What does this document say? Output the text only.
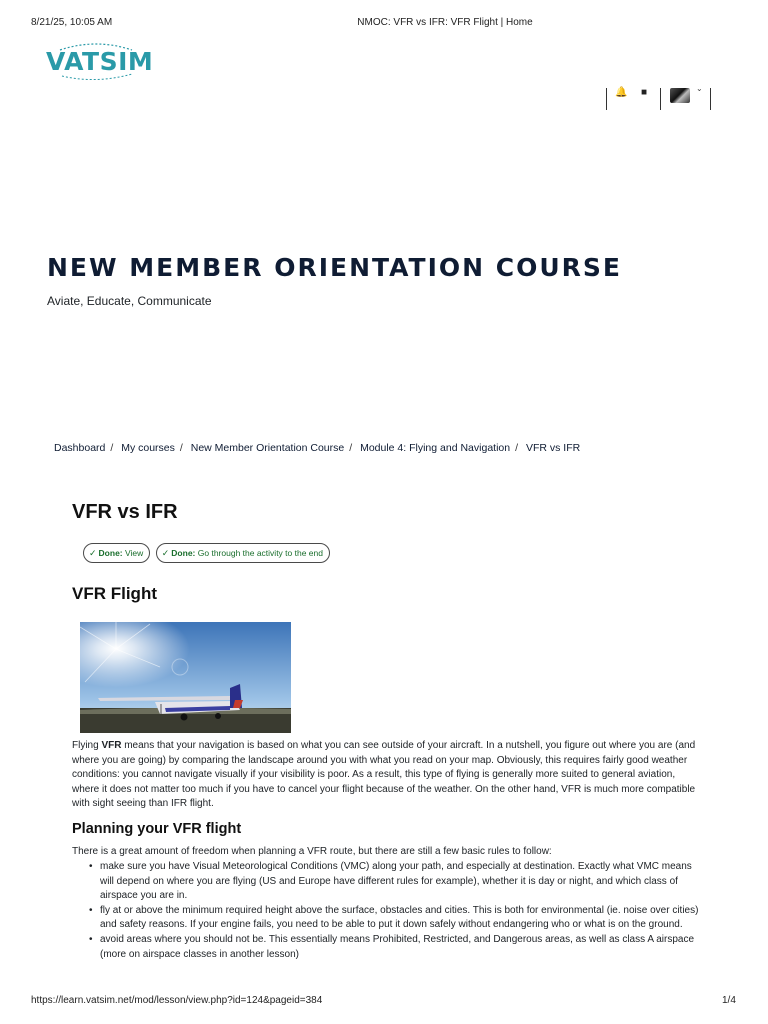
8/21/25, 10:05 AM	NMOC: VFR vs IFR: VFR Flight | Home
VATSIM
🔔 ■	⌄
NEW MEMBER ORIENTATION COURSE
Aviate, Educate, Communicate
Dashboard / My courses / New Member Orientation Course / Module 4: Flying and Navigation / VFR vs IFR
VFR vs IFR
✓ Done: View ✓ Done: Go through the activity to the end
VFR Flight

Flying VFR means that your navigation is based on what you can see outside of your aircraft. In a nutshell, you figure out where you are (and where you are going) by comparing the landscape around you with what you read on your map. Obviously, this requires fairly good weather conditions: you cannot navigate visually if your visibility is poor. As a result, this type of flying is generally more suited to general aviation, where it does not matter too much if you have to cancel your flight because of the weather. On the other hand, VFR is much more compatible with sight seeing than IFR flight.

Planning your VFR flight

There is a great amount of freedom when planning a VFR route, but there are still a few basic rules to follow:

• make sure you have Visual Meteorological Conditions (VMC) along your path, and especially at destination. Exactly what VMC means will depend on where you are flying (US and Europe have different rules for example), whether it is day or night, and which class of airspace you are in.
• fly at or above the minimum required height above the surface, obstacles and cities. This is both for environmental (ie. noise over cities) and safety reasons. If your engine fails, you need to be able to put it down safely without endangering who or what is on the ground.
• avoid areas where you should not be. This essentially means Prohibited, Restricted, and Dangerous areas, as well as class A airspace (more on airspace classes in another lesson)
https://learn.vatsim.net/mod/lesson/view.php?id=124&pageid=384	1/4
